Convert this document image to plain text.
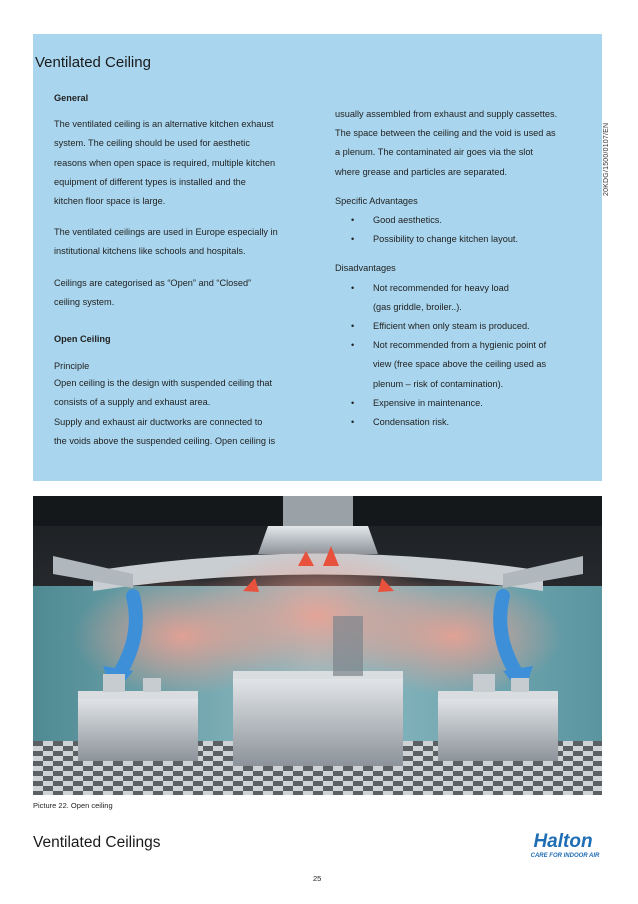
20KDG/1500/0107/EN
Ventilated Ceiling

General

The ventilated ceiling is an alternative kitchen exhaust

system. The ceiling should be used for aesthetic

reasons when open space is required, multiple kitchen

equipment of different types is installed and the

kitchen floor space is large.

The ventilated ceilings are used in Europe especially in

institutional kitchens like schools and hospitals.

Ceilings are categorised as “Open” and “Closed”

ceiling system.

Open Ceiling

Principle

Open ceiling is the design with suspended ceiling that

consists of a supply and exhaust area.

Supply and exhaust air ductworks are connected to

the voids above the suspended ceiling. Open ceiling is

usually assembled from exhaust and supply cassettes.

The space between the ceiling and the void is used as

a plenum. The contaminated air goes via the slot

where grease and particles are separated.

Specific Advantages

• Good aesthetics.
• Possibility to change kitchen layout.

Disadvantages

• Not recommended for heavy load
(gas griddle, broiler..).
• Efficient when only steam is produced.
• Not recommended from a hygienic point of
view (free space above the ceiling used as
plenum – risk of contamination).
• Expensive in maintenance.
• Condensation risk.
Picture 22. Open ceiling
Ventilated Ceilings	Halton
CARE FOR INDOOR AIR
25
